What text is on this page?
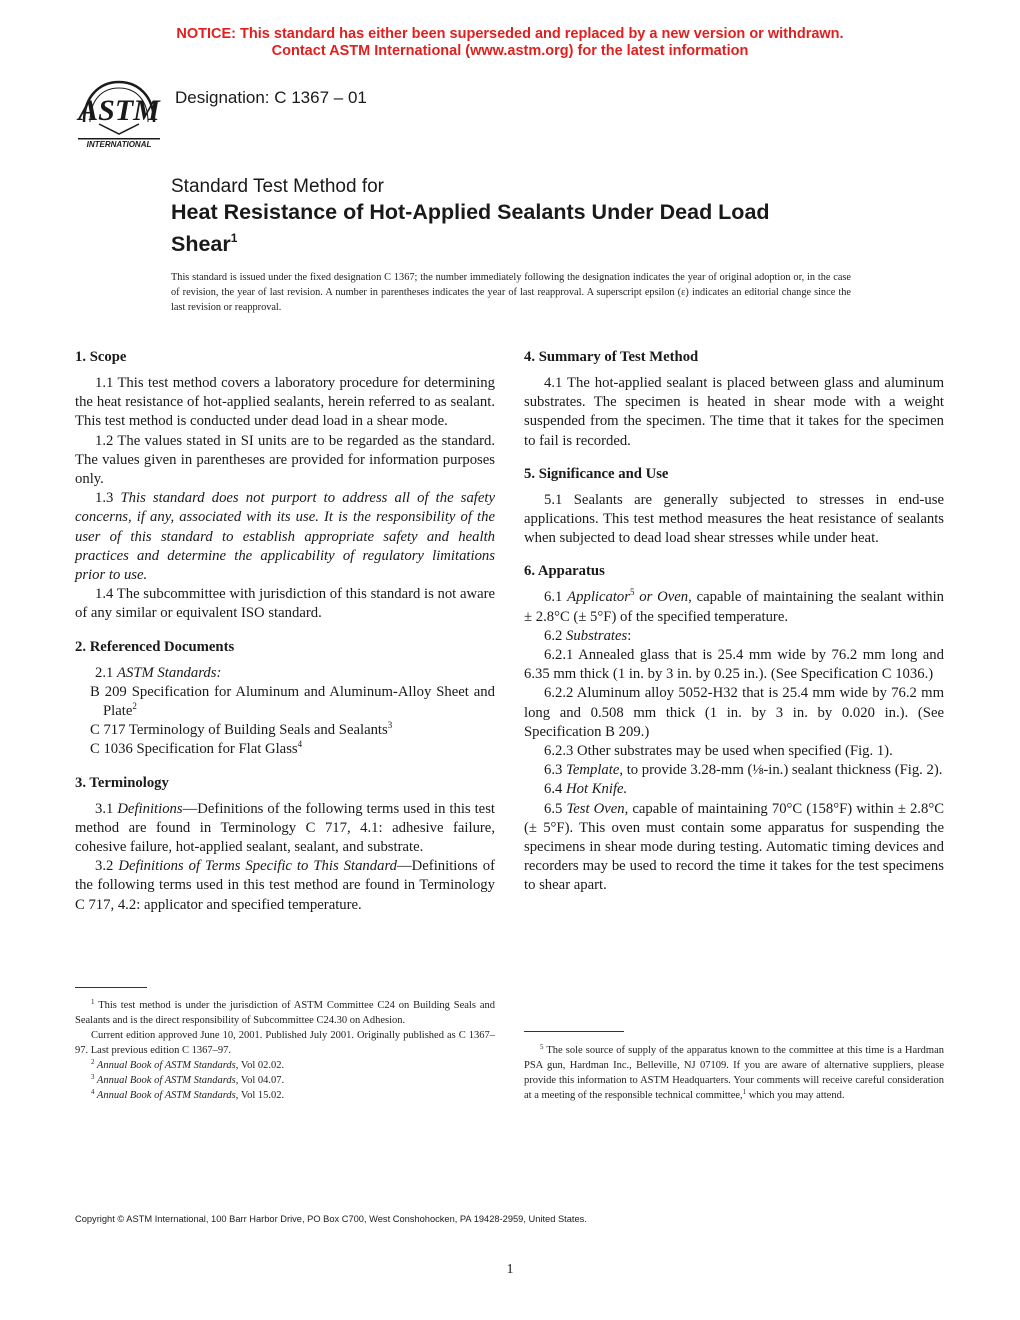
NOTICE: This standard has either been superseded and replaced by a new version or withdrawn.
Contact ASTM International (www.astm.org) for the latest information
ASTM
INTERNATIONAL
Designation: C 1367 – 01
Standard Test Method for
Heat Resistance of Hot-Applied Sealants Under Dead Load
Shear$^1$
This standard is issued under the fixed designation C 1367; the number immediately following the designation indicates the year of original adoption or, in the case of revision, the year of last revision. A number in parentheses indicates the year of last reapproval. A superscript epsilon (ε) indicates an editorial change since the last revision or reapproval.
1. Scope

1.1 This test method covers a laboratory procedure for determining the heat resistance of hot-applied sealants, herein referred to as sealant. This test method is conducted under dead load in a shear mode.

1.2 The values stated in SI units are to be regarded as the standard. The values given in parentheses are provided for information purposes only.

1.3 This standard does not purport to address all of the safety concerns, if any, associated with its use. It is the responsibility of the user of this standard to establish appropriate safety and health practices and determine the applicability of regulatory limitations prior to use.

1.4 The subcommittee with jurisdiction of this standard is not aware of any similar or equivalent ISO standard.

2. Referenced Documents

2.1 ASTM Standards:

B 209 Specification for Aluminum and Aluminum-Alloy Sheet and Plate$^2$

C 717 Terminology of Building Seals and Sealants$^3$

C 1036 Specification for Flat Glass$^4$

3. Terminology

3.1 Definitions—Definitions of the following terms used in this test method are found in Terminology C 717, 4.1: adhesive failure, cohesive failure, hot-applied sealant, sealant, and substrate.

3.2 Definitions of Terms Specific to This Standard—Definitions of the following terms used in this test method are found in Terminology C 717, 4.2: applicator and specified temperature.

4. Summary of Test Method

4.1 The hot-applied sealant is placed between glass and aluminum substrates. The specimen is heated in shear mode with a weight suspended from the specimen. The time that it takes for the specimen to fail is recorded.

5. Significance and Use

5.1 Sealants are generally subjected to stresses in end-use applications. This test method measures the heat resistance of sealants when subjected to dead load shear stresses while under heat.

6. Apparatus

6.1 Applicator$^5$ or Oven, capable of maintaining the sealant within ± 2.8°C (± 5°F) of the specified temperature.

6.2 Substrates:

6.2.1 Annealed glass that is 25.4 mm wide by 76.2 mm long and 6.35 mm thick (1 in. by 3 in. by 0.25 in.). (See Specification C 1036.)

6.2.2 Aluminum alloy 5052-H32 that is 25.4 mm wide by 76.2 mm long and 0.508 mm thick (1 in. by 3 in. by 0.020 in.). (See Specification B 209.)

6.2.3 Other substrates may be used when specified (Fig. 1).

6.3 Template, to provide 3.28-mm (⅛-in.) sealant thickness (Fig. 2).

6.4 Hot Knife.

6.5 Test Oven, capable of maintaining 70°C (158°F) within ± 2.8°C (± 5°F). This oven must contain some apparatus for suspending the specimens in shear mode during testing. Automatic timing devices and recorders may be used to record the time it takes for the test specimens to shear apart.

$^1$ This test method is under the jurisdiction of ASTM Committee C24 on Building Seals and Sealants and is the direct responsibility of Subcommittee C24.30 on Adhesion.

Current edition approved June 10, 2001. Published July 2001. Originally published as C 1367–97. Last previous edition C 1367–97.

$^2$ Annual Book of ASTM Standards, Vol 02.02.

$^3$ Annual Book of ASTM Standards, Vol 04.07.

$^4$ Annual Book of ASTM Standards, Vol 15.02.

$^5$ The sole source of supply of the apparatus known to the committee at this time is a Hardman PSA gun, Hardman Inc., Belleville, NJ 07109. If you are aware of alternative suppliers, please provide this information to ASTM Headquarters. Your comments will receive careful consideration at a meeting of the responsible technical committee,$^1$ which you may attend.

Copyright © ASTM International, 100 Barr Harbor Drive, PO Box C700, West Conshohocken, PA 19428-2959, United States.
1
